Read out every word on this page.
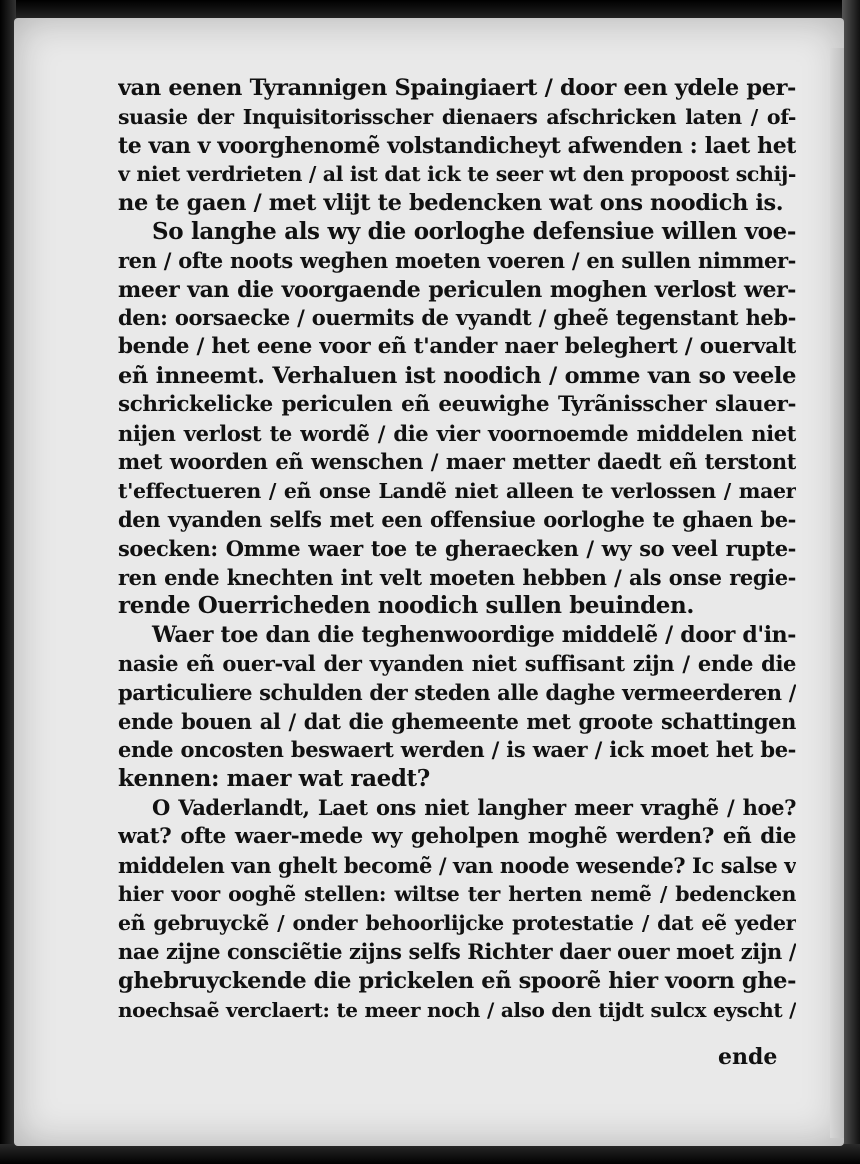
van eenen Tyrannigen Spaingiaert / door een ydele per-
suasie der Inquisitorisscher dienaers afschricken laten / of-
te van v voorghenomẽ volstandicheyt afwenden : laet het
v niet verdrieten / al ist dat ick te seer wt den propoost schij-
ne te gaen / met vlijt te bedencken wat ons noodich is.
So langhe als wy die oorloghe defensiue willen voe-
ren / ofte noots weghen moeten voeren / en sullen nimmer-
meer van die voorgaende periculen moghen verlost wer-
den: oorsaecke / ouermits de vyandt / gheẽ tegenstant heb-
bende / het eene voor eñ t'ander naer beleghert / ouervalt
eñ inneemt. Verhaluen ist noodich / omme van so veele
schrickelicke periculen eñ eeuwighe Tyrãnisscher slauer-
nijen verlost te wordẽ / die vier voornoemde middelen niet
met woorden eñ wenschen / maer metter daedt eñ terstont
t'effectueren / eñ onse Landẽ niet alleen te verlossen / maer
den vyanden selfs met een offensiue oorloghe te ghaen be-
soecken: Omme waer toe te gheraecken / wy so veel rupte-
ren ende knechten int velt moeten hebben / als onse regie-
rende Ouerricheden noodich sullen beuinden.
Waer toe dan die teghenwoordige middelẽ / door d'in-
nasie eñ ouer-val der vyanden niet suffisant zijn / ende die
particuliere schulden der steden alle daghe vermeerderen /
ende bouen al / dat die ghemeente met groote schattingen
ende oncosten beswaert werden / is waer / ick moet het be-
kennen: maer wat raedt?
O Vaderlandt, Laet ons niet langher meer vraghẽ / hoe?
wat? ofte waer-mede wy geholpen moghẽ werden? eñ die
middelen van ghelt becomẽ / van noode wesende? Ic salse v
hier voor ooghẽ stellen: wiltse ter herten nemẽ / bedencken
eñ gebruyckẽ / onder behoorlijcke protestatie / dat eẽ yeder
nae zijne consciẽtie zijns selfs Richter daer ouer moet zijn /
ghebruyckende die prickelen eñ spoorẽ hier voorn ghe-
noechsaẽ verclaert: te meer noch / also den tijdt sulcx eyscht /
ende
